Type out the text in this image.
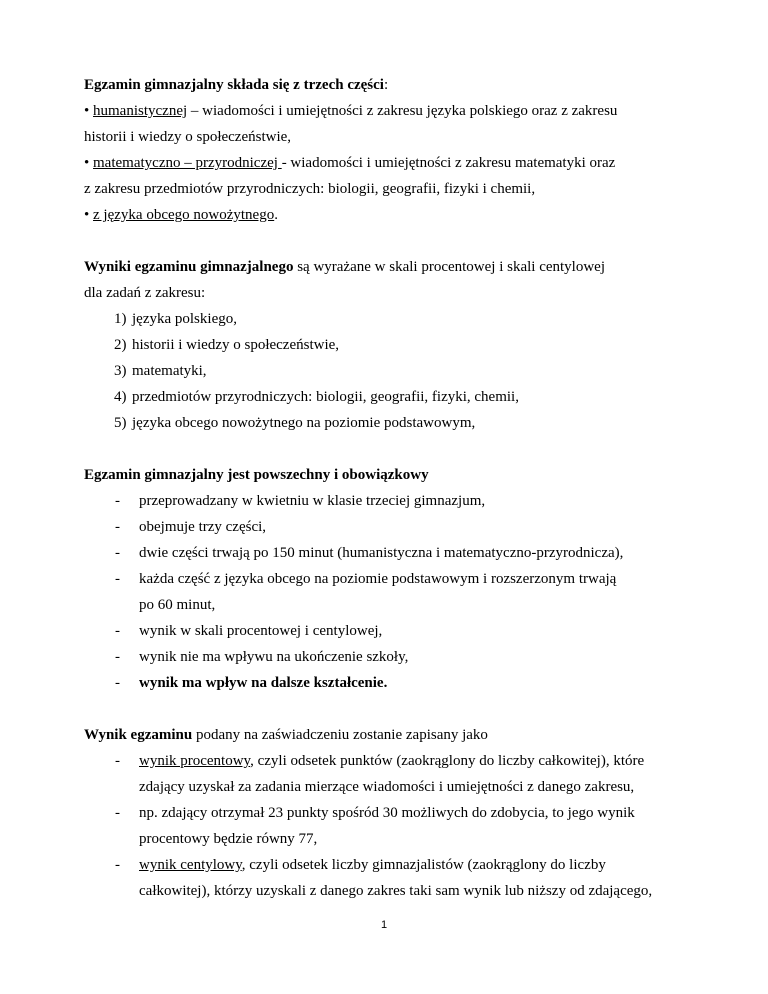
Egzamin gimnazjalny składa się z trzech części:
• humanistycznej – wiadomości i umiejętności z zakresu języka polskiego oraz z zakresu
historii i wiedzy o społeczeństwie,
• matematyczno – przyrodniczej - wiadomości i umiejętności z zakresu matematyki oraz
z zakresu przedmiotów przyrodniczych: biologii, geografii, fizyki i chemii,
• z języka obcego nowożytnego.
Wyniki egzaminu gimnazjalnego są wyrażane w skali procentowej i skali centylowej
dla zadań z zakresu:
1) języka polskiego,
2) historii i wiedzy o społeczeństwie,
3) matematyki,
4) przedmiotów przyrodniczych: biologii, geografii, fizyki, chemii,
5) języka obcego nowożytnego na poziomie podstawowym,
Egzamin gimnazjalny jest powszechny i obowiązkowy
- przeprowadzany w kwietniu w klasie trzeciej gimnazjum,
- obejmuje trzy części,
- dwie części trwają po 150 minut (humanistyczna i matematyczno-przyrodnicza),
- każda część z języka obcego na poziomie podstawowym i rozszerzonym trwają
po 60 minut,
- wynik w skali procentowej i centylowej,
- wynik nie ma wpływu na ukończenie szkoły,
- wynik ma wpływ na dalsze kształcenie.
Wynik egzaminu podany na zaświadczeniu zostanie zapisany jako
- wynik procentowy, czyli odsetek punktów (zaokrąglony do liczby całkowitej), które
zdający uzyskał za zadania mierzące wiadomości i umiejętności z danego zakresu,
- np. zdający otrzymał 23 punkty spośród 30 możliwych do zdobycia, to jego wynik
procentowy będzie równy 77,
- wynik centylowy, czyli odsetek liczby gimnazjalistów (zaokrąglony do liczby
całkowitej), którzy uzyskali z danego zakres taki sam wynik lub niższy od zdającego,
1
